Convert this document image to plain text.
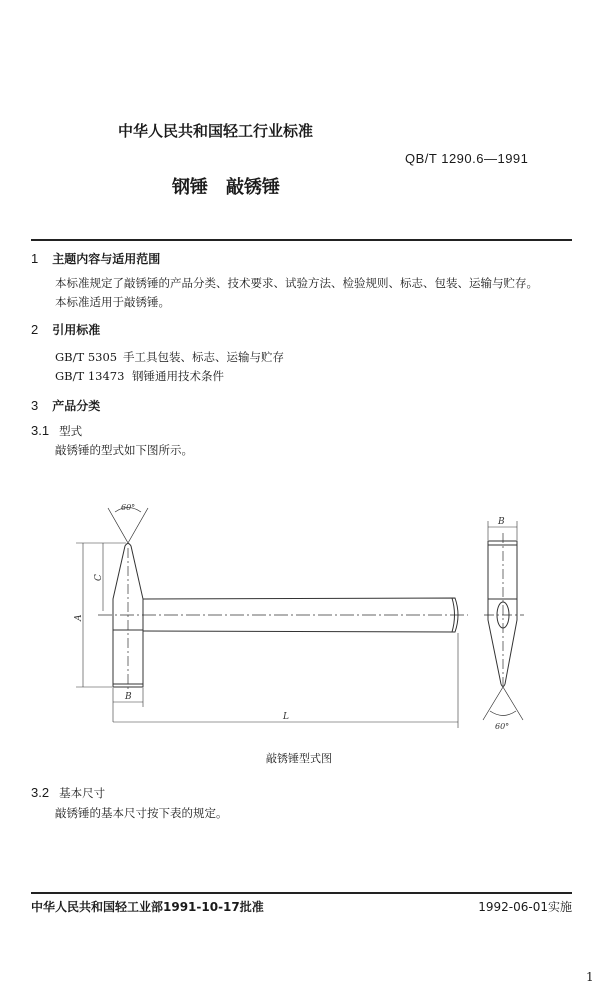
中华人民共和国轻工行业标准
QB/T 1290.6—1991
钢锤　敲锈锤
1 主题内容与适用范围
本标准规定了敲锈锤的产品分类、技术要求、试验方法、检验规则、标志、包装、运输与贮存。
本标准适用于敲锈锤。
2 引用标准
GB/T 5305 手工具包装、标志、运输与贮存
GB/T 13473 钢锤通用技术条件
3 产品分类
3.1 型式
敲锈锤的型式如下图所示。
60°
A
C
B
L
B
60°
敲锈锤型式图
3.2 基本尺寸
敲锈锤的基本尺寸按下表的规定。
中华人民共和国轻工业部1991-10-17批准	1992-06-01实施
1
